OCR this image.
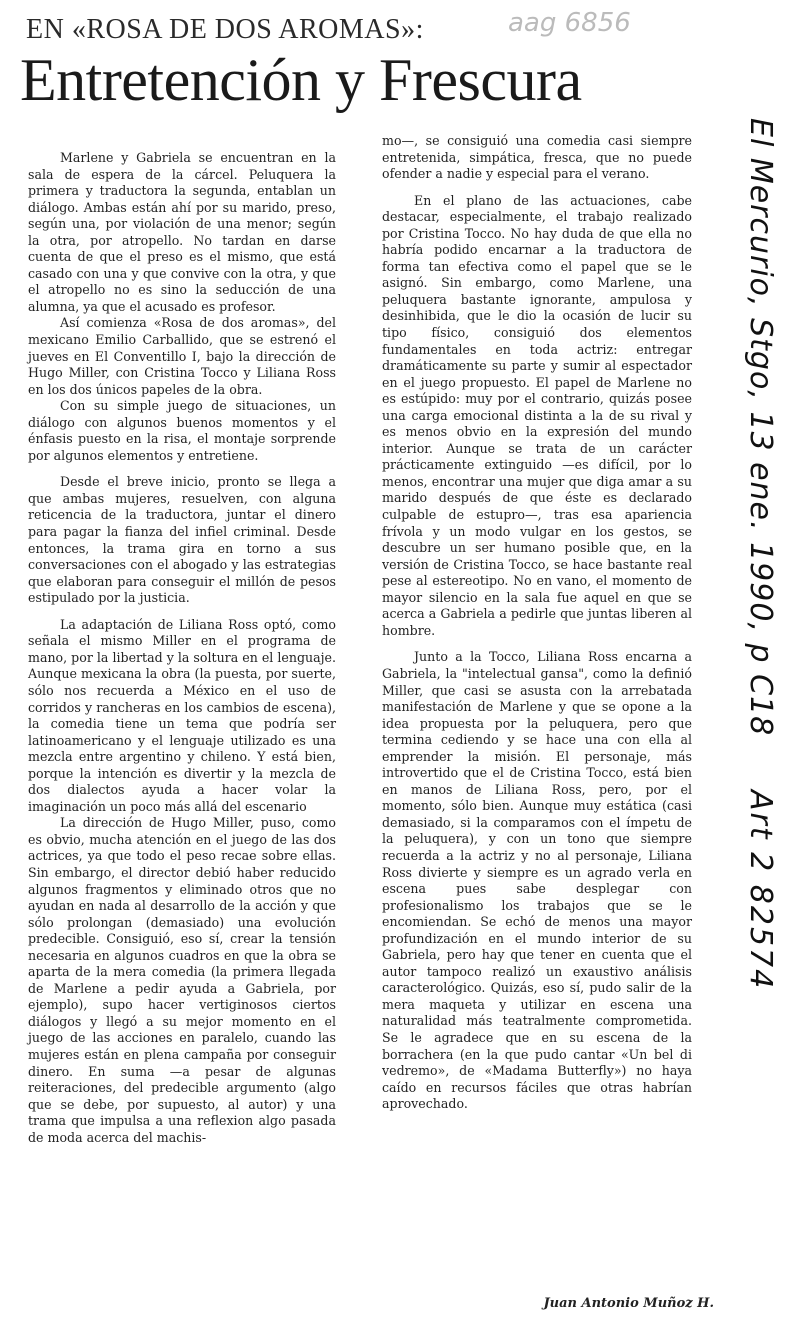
EN «ROSA DE DOS AROMAS»:
Entretención y Frescura

Marlene y Gabriela se encuentran en la sala de espera de la cárcel. Peluquera la primera y traductora la segunda, entablan un diálogo. Ambas están ahí por su marido, preso, según una, por violación de una menor; según la otra, por atropello. No tardan en darse cuenta de que el preso es el mismo, que está casado con una y que convive con la otra, y que el atropello no es sino la seducción de una alumna, ya que el acusado es profesor.

Así comienza «Rosa de dos aromas», del mexicano Emilio Carballido, que se estrenó el jueves en El Conventillo I, bajo la dirección de Hugo Miller, con Cristina Tocco y Liliana Ross en los dos únicos papeles de la obra.

Con su simple juego de situaciones, un diálogo con algunos buenos momentos y el énfasis puesto en la risa, el montaje sorprende por algunos elementos y entretiene.

Desde el breve inicio, pronto se llega a que ambas mujeres, resuelven, con alguna reticencia de la traductora, juntar el dinero para pagar la fianza del infiel criminal. Desde entonces, la trama gira en torno a sus conversaciones con el abogado y las estrategias que elaboran para conseguir el millón de pesos estipulado por la justicia.

La adaptación de Liliana Ross optó, como señala el mismo Miller en el programa de mano, por la libertad y la soltura en el lenguaje. Aunque mexicana la obra (la puesta, por suerte, sólo nos recuerda a México en el uso de corridos y rancheras en los cambios de escena), la comedia tiene un tema que podría ser latinoamericano y el lenguaje utilizado es una mezcla entre argentino y chileno. Y está bien, porque la intención es divertir y la mezcla de dos dialectos ayuda a hacer volar la imaginación un poco más allá del escenario

La dirección de Hugo Miller, puso, como es obvio, mucha atención en el juego de las dos actrices, ya que todo el peso recae sobre ellas. Sin embargo, el director debió haber reducido algunos fragmentos y eliminado otros que no ayudan en nada al desarrollo de la acción y que sólo prolongan (demasiado) una evolución predecible. Consiguió, eso sí, crear la tensión necesaria en algunos cuadros en que la obra se aparta de la mera comedia (la primera llegada de Marlene a pedir ayuda a Gabriela, por ejemplo), supo hacer vertiginosos ciertos diálogos y llegó a su mejor momento en el juego de las acciones en paralelo, cuando las mujeres están en plena campaña por conseguir dinero. En suma —a pesar de algunas reiteraciones, del predecible argumento (algo que se debe, por supuesto, al autor) y una trama que impulsa a una reflexion algo pasada de moda acerca del machis-

mo—, se consiguió una comedia casi siempre entretenida, simpática, fresca, que no puede ofender a nadie y especial para el verano.

En el plano de las actuaciones, cabe destacar, especialmente, el trabajo realizado por Cristina Tocco. No hay duda de que ella no habría podido encarnar a la traductora de forma tan efectiva como el papel que se le asignó. Sin embargo, como Marlene, una peluquera bastante ignorante, ampulosa y desinhibida, que le dio la ocasión de lucir su tipo físico, consiguió dos elementos fundamentales en toda actriz: entregar dramáticamente su parte y sumir al espectador en el juego propuesto. El papel de Marlene no es estúpido: muy por el contrario, quizás posee una carga emocional distinta a la de su rival y es menos obvio en la expresión del mundo interior. Aunque se trata de un carácter prácticamente extinguido —es difícil, por lo menos, encontrar una mujer que diga amar a su marido después de que éste es declarado culpable de estupro—, tras esa apariencia frívola y un modo vulgar en los gestos, se descubre un ser humano posible que, en la versión de Cristina Tocco, se hace bastante real pese al estereotipo. No en vano, el momento de mayor silencio en la sala fue aquel en que se acerca a Gabriela a pedirle que juntas liberen al hombre.

Junto a la Tocco, Liliana Ross encarna a Gabriela, la "intelectual gansa", como la definió Miller, que casi se asusta con la arrebatada manifestación de Marlene y que se opone a la idea propuesta por la peluquera, pero que termina cediendo y se hace una con ella al emprender la misión. El personaje, más introvertido que el de Cristina Tocco, está bien en manos de Liliana Ross, pero, por el momento, sólo bien. Aunque muy estática (casi demasiado, si la comparamos con el ímpetu de la peluquera), y con un tono que siempre recuerda a la actriz y no al personaje, Liliana Ross divierte y siempre es un agrado verla en escena pues sabe desplegar con profesionalismo los trabajos que se le encomiendan. Se echó de menos una mayor profundización en el mundo interior de su Gabriela, pero hay que tener en cuenta que el autor tampoco realizó un exaustivo análisis caracterológico. Quizás, eso sí, pudo salir de la mera maqueta y utilizar en escena una naturalidad más teatralmente comprometida. Se le agradece que en su escena de la borrachera (en la que pudo cantar «Un bel di vedremo», de «Madama Butterfly») no haya caído en recursos fáciles que otras habrían aprovechado.

Juan Antonio Muñoz H.
aag 6856
El Mercurio, Stgo, 13 ene. 1990, p C18
Art 2 82574
